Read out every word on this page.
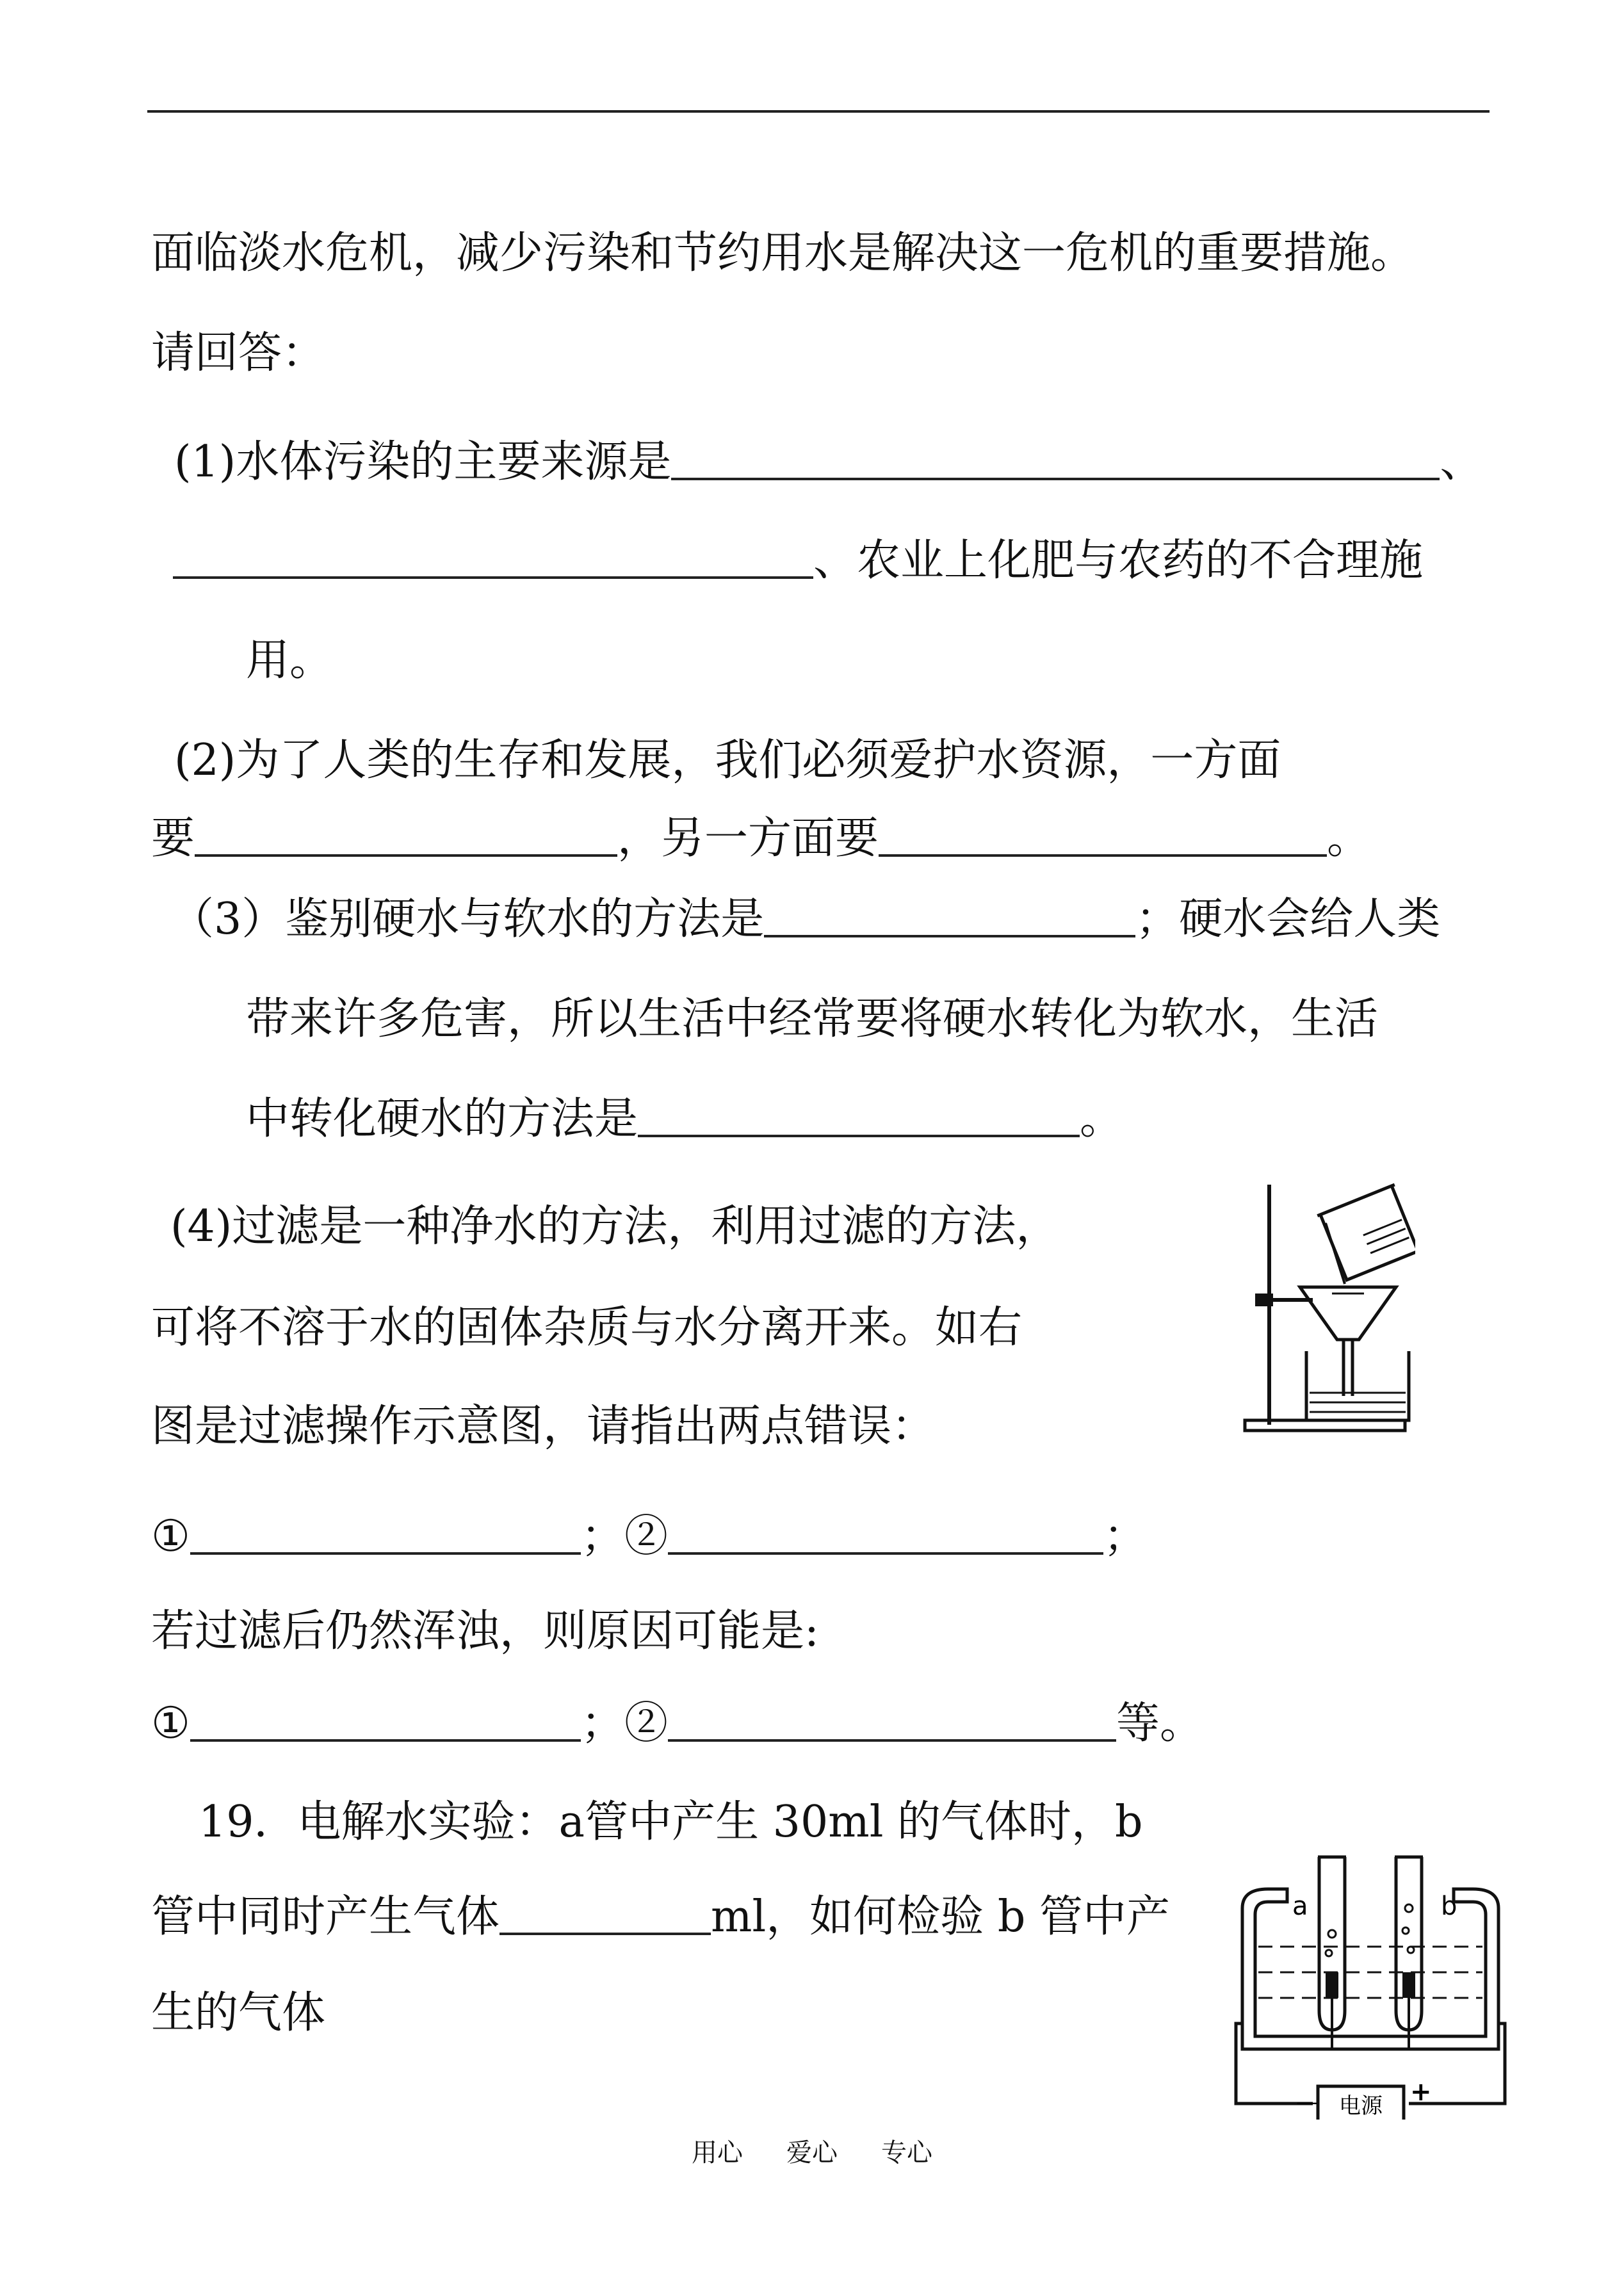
面临淡水危机，减少污染和节约用水是解决这一危机的重要措施。
请回答：
(1)水体污染的主要来源是	、
、农业上化肥与农药的不合理施
用。
(2)为了人类的生存和发展，我们必须爱护水资源，一方面
要	，另一方面要	。
（3）鉴别硬水与软水的方法是	；硬水会给人类
带来许多危害，所以生活中经常要将硬水转化为软水，生活
中转化硬水的方法是	。
(4)过滤是一种净水的方法，利用过滤的方法，
可将不溶于水的固体杂质与水分离开来。如右
图是过滤操作示意图，请指出两点错误：
①	；②	；
若过滤后仍然浑浊，则原因可能是:
①	；②	等。
19．电解水实验：a管中产生 30ml 的气体时，b
管中同时产生气体	ml，如何检验 b 管中产
生的气体
a	b
电源
—	+
用心 爱心 专心
